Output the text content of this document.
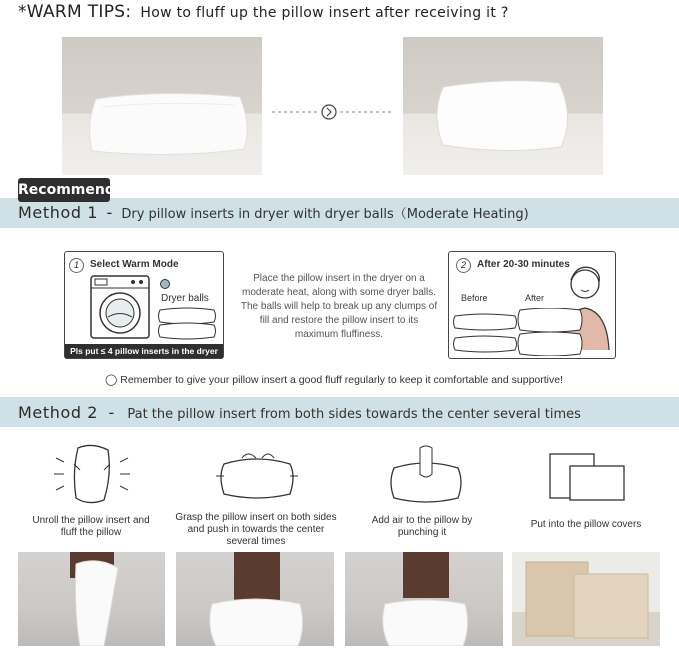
*WARM TIPS: How to fluff up the pillow insert after receiving it ?
Recommend
Method 1 - Dry pillow inserts in dryer with dryer balls（Moderate Heating)
1	Select Warm Mode
Dryer balls
Pls put ≤ 4 pillow inserts in the dryer
Place the pillow insert in the dryer on a moderate heat, along with some dryer balls. The balls will help to break up any clumps of fill and restore the pillow insert to its maximum fluffiness.
2	After 20-30 minutes
Before	After
◯ Remember to give your pillow insert a good fluff regularly to keep it comfortable and supportive!
Method 2 - Pat the pillow insert from both sides towards the center several times
Unroll the pillow insert and fluff the pillow
Grasp the pillow insert on both sides and push in towards the center several times
Add air to the pillow by punching it
Put into the pillow covers
